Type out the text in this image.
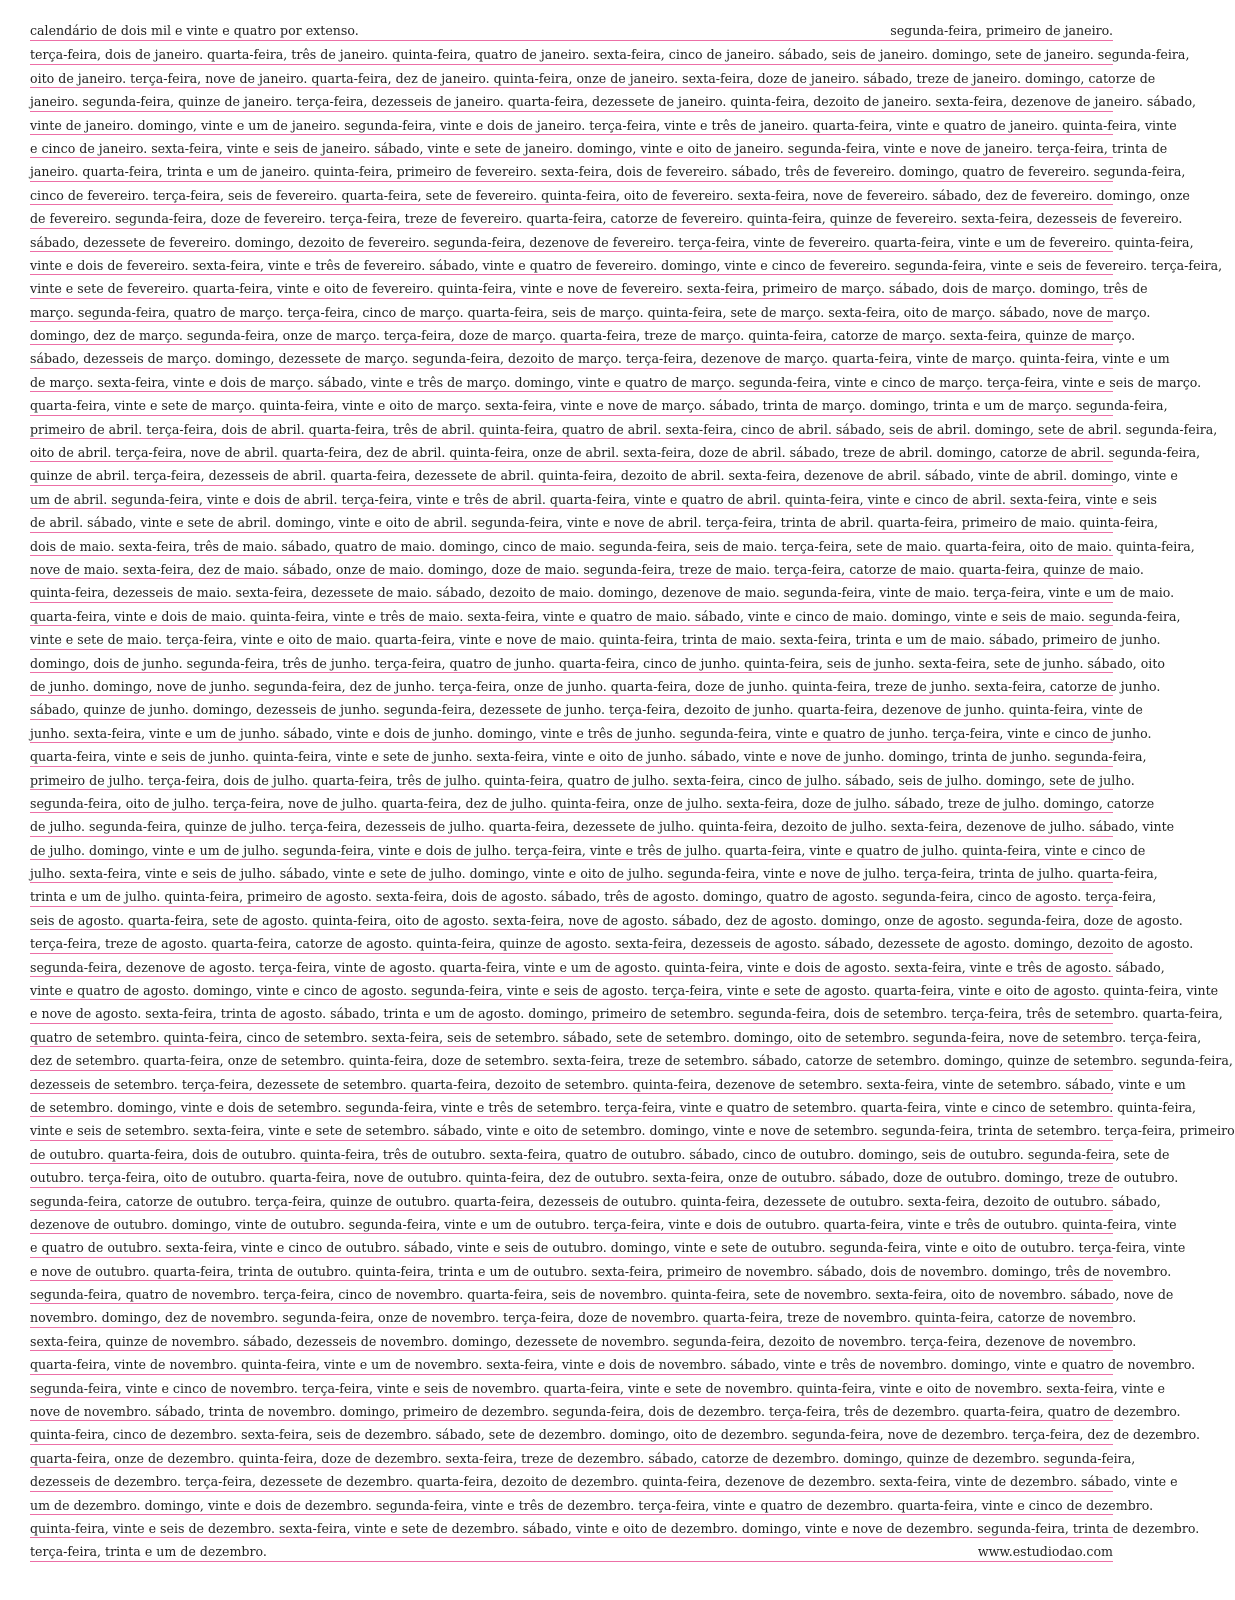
calendário de dois mil e vinte e quatro por extenso.	segunda-feira, primeiro de janeiro.
terça-feira, dois de janeiro. quarta-feira, três de janeiro. quinta-feira, quatro de janeiro. sexta-feira, cinco de janeiro. sábado, seis de janeiro. domingo, sete de janeiro. segunda-feira,
oito de janeiro. terça-feira, nove de janeiro. quarta-feira, dez de janeiro. quinta-feira, onze de janeiro. sexta-feira, doze de janeiro. sábado, treze de janeiro. domingo, catorze de
janeiro. segunda-feira, quinze de janeiro. terça-feira, dezesseis de janeiro. quarta-feira, dezessete de janeiro. quinta-feira, dezoito de janeiro. sexta-feira, dezenove de janeiro. sábado,
vinte de janeiro. domingo, vinte e um de janeiro. segunda-feira, vinte e dois de janeiro. terça-feira, vinte e três de janeiro. quarta-feira, vinte e quatro de janeiro. quinta-feira, vinte
e cinco de janeiro. sexta-feira, vinte e seis de janeiro. sábado, vinte e sete de janeiro. domingo, vinte e oito de janeiro. segunda-feira, vinte e nove de janeiro. terça-feira, trinta de
janeiro. quarta-feira, trinta e um de janeiro. quinta-feira, primeiro de fevereiro. sexta-feira, dois de fevereiro. sábado, três de fevereiro. domingo, quatro de fevereiro. segunda-feira,
cinco de fevereiro. terça-feira, seis de fevereiro. quarta-feira, sete de fevereiro. quinta-feira, oito de fevereiro. sexta-feira, nove de fevereiro. sábado, dez de fevereiro. domingo, onze
de fevereiro. segunda-feira, doze de fevereiro. terça-feira, treze de fevereiro. quarta-feira, catorze de fevereiro. quinta-feira, quinze de fevereiro. sexta-feira, dezesseis de fevereiro.
sábado, dezessete de fevereiro. domingo, dezoito de fevereiro. segunda-feira, dezenove de fevereiro. terça-feira, vinte de fevereiro. quarta-feira, vinte e um de fevereiro. quinta-feira,
vinte e dois de fevereiro. sexta-feira, vinte e três de fevereiro. sábado, vinte e quatro de fevereiro. domingo, vinte e cinco de fevereiro. segunda-feira, vinte e seis de fevereiro. terça-feira,
vinte e sete de fevereiro. quarta-feira, vinte e oito de fevereiro. quinta-feira, vinte e nove de fevereiro. sexta-feira, primeiro de março. sábado, dois de março. domingo, três de
março. segunda-feira, quatro de março. terça-feira, cinco de março. quarta-feira, seis de março. quinta-feira, sete de março. sexta-feira, oito de março. sábado, nove de março.
domingo, dez de março. segunda-feira, onze de março. terça-feira, doze de março. quarta-feira, treze de março. quinta-feira, catorze de março. sexta-feira, quinze de março.
sábado, dezesseis de março. domingo, dezessete de março. segunda-feira, dezoito de março. terça-feira, dezenove de março. quarta-feira, vinte de março. quinta-feira, vinte e um
de março. sexta-feira, vinte e dois de março. sábado, vinte e três de março. domingo, vinte e quatro de março. segunda-feira, vinte e cinco de março. terça-feira, vinte e seis de março.
quarta-feira, vinte e sete de março. quinta-feira, vinte e oito de março. sexta-feira, vinte e nove de março. sábado, trinta de março. domingo, trinta e um de março. segunda-feira,
primeiro de abril. terça-feira, dois de abril. quarta-feira, três de abril. quinta-feira, quatro de abril. sexta-feira, cinco de abril. sábado, seis de abril. domingo, sete de abril. segunda-feira,
oito de abril. terça-feira, nove de abril. quarta-feira, dez de abril. quinta-feira, onze de abril. sexta-feira, doze de abril. sábado, treze de abril. domingo, catorze de abril. segunda-feira,
quinze de abril. terça-feira, dezesseis de abril. quarta-feira, dezessete de abril. quinta-feira, dezoito de abril. sexta-feira, dezenove de abril. sábado, vinte de abril. domingo, vinte e
um de abril. segunda-feira, vinte e dois de abril. terça-feira, vinte e três de abril. quarta-feira, vinte e quatro de abril. quinta-feira, vinte e cinco de abril. sexta-feira, vinte e seis
de abril. sábado, vinte e sete de abril. domingo, vinte e oito de abril. segunda-feira, vinte e nove de abril. terça-feira, trinta de abril. quarta-feira, primeiro de maio. quinta-feira,
dois de maio. sexta-feira, três de maio. sábado, quatro de maio. domingo, cinco de maio. segunda-feira, seis de maio. terça-feira, sete de maio. quarta-feira, oito de maio. quinta-feira,
nove de maio. sexta-feira, dez de maio. sábado, onze de maio. domingo, doze de maio. segunda-feira, treze de maio. terça-feira, catorze de maio. quarta-feira, quinze de maio.
quinta-feira, dezesseis de maio. sexta-feira, dezessete de maio. sábado, dezoito de maio. domingo, dezenove de maio. segunda-feira, vinte de maio. terça-feira, vinte e um de maio.
quarta-feira, vinte e dois de maio. quinta-feira, vinte e três de maio. sexta-feira, vinte e quatro de maio. sábado, vinte e cinco de maio. domingo, vinte e seis de maio. segunda-feira,
vinte e sete de maio. terça-feira, vinte e oito de maio. quarta-feira, vinte e nove de maio. quinta-feira, trinta de maio. sexta-feira, trinta e um de maio. sábado, primeiro de junho.
domingo, dois de junho. segunda-feira, três de junho. terça-feira, quatro de junho. quarta-feira, cinco de junho. quinta-feira, seis de junho. sexta-feira, sete de junho. sábado, oito
de junho. domingo, nove de junho. segunda-feira, dez de junho. terça-feira, onze de junho. quarta-feira, doze de junho. quinta-feira, treze de junho. sexta-feira, catorze de junho.
sábado, quinze de junho. domingo, dezesseis de junho. segunda-feira, dezessete de junho. terça-feira, dezoito de junho. quarta-feira, dezenove de junho. quinta-feira, vinte de
junho. sexta-feira, vinte e um de junho. sábado, vinte e dois de junho. domingo, vinte e três de junho. segunda-feira, vinte e quatro de junho. terça-feira, vinte e cinco de junho.
quarta-feira, vinte e seis de junho. quinta-feira, vinte e sete de junho. sexta-feira, vinte e oito de junho. sábado, vinte e nove de junho. domingo, trinta de junho. segunda-feira,
primeiro de julho. terça-feira, dois de julho. quarta-feira, três de julho. quinta-feira, quatro de julho. sexta-feira, cinco de julho. sábado, seis de julho. domingo, sete de julho.
segunda-feira, oito de julho. terça-feira, nove de julho. quarta-feira, dez de julho. quinta-feira, onze de julho. sexta-feira, doze de julho. sábado, treze de julho. domingo, catorze
de julho. segunda-feira, quinze de julho. terça-feira, dezesseis de julho. quarta-feira, dezessete de julho. quinta-feira, dezoito de julho. sexta-feira, dezenove de julho. sábado, vinte
de julho. domingo, vinte e um de julho. segunda-feira, vinte e dois de julho. terça-feira, vinte e três de julho. quarta-feira, vinte e quatro de julho. quinta-feira, vinte e cinco de
julho. sexta-feira, vinte e seis de julho. sábado, vinte e sete de julho. domingo, vinte e oito de julho. segunda-feira, vinte e nove de julho. terça-feira, trinta de julho. quarta-feira,
trinta e um de julho. quinta-feira, primeiro de agosto. sexta-feira, dois de agosto. sábado, três de agosto. domingo, quatro de agosto. segunda-feira, cinco de agosto. terça-feira,
seis de agosto. quarta-feira, sete de agosto. quinta-feira, oito de agosto. sexta-feira, nove de agosto. sábado, dez de agosto. domingo, onze de agosto. segunda-feira, doze de agosto.
terça-feira, treze de agosto. quarta-feira, catorze de agosto. quinta-feira, quinze de agosto. sexta-feira, dezesseis de agosto. sábado, dezessete de agosto. domingo, dezoito de agosto.
segunda-feira, dezenove de agosto. terça-feira, vinte de agosto. quarta-feira, vinte e um de agosto. quinta-feira, vinte e dois de agosto. sexta-feira, vinte e três de agosto. sábado,
vinte e quatro de agosto. domingo, vinte e cinco de agosto. segunda-feira, vinte e seis de agosto. terça-feira, vinte e sete de agosto. quarta-feira, vinte e oito de agosto. quinta-feira, vinte
e nove de agosto. sexta-feira, trinta de agosto. sábado, trinta e um de agosto. domingo, primeiro de setembro. segunda-feira, dois de setembro. terça-feira, três de setembro. quarta-feira,
quatro de setembro. quinta-feira, cinco de setembro. sexta-feira, seis de setembro. sábado, sete de setembro. domingo, oito de setembro. segunda-feira, nove de setembro. terça-feira,
dez de setembro. quarta-feira, onze de setembro. quinta-feira, doze de setembro. sexta-feira, treze de setembro. sábado, catorze de setembro. domingo, quinze de setembro. segunda-feira,
dezesseis de setembro. terça-feira, dezessete de setembro. quarta-feira, dezoito de setembro. quinta-feira, dezenove de setembro. sexta-feira, vinte de setembro. sábado, vinte e um
de setembro. domingo, vinte e dois de setembro. segunda-feira, vinte e três de setembro. terça-feira, vinte e quatro de setembro. quarta-feira, vinte e cinco de setembro. quinta-feira,
vinte e seis de setembro. sexta-feira, vinte e sete de setembro. sábado, vinte e oito de setembro. domingo, vinte e nove de setembro. segunda-feira, trinta de setembro. terça-feira, primeiro
de outubro. quarta-feira, dois de outubro. quinta-feira, três de outubro. sexta-feira, quatro de outubro. sábado, cinco de outubro. domingo, seis de outubro. segunda-feira, sete de
outubro. terça-feira, oito de outubro. quarta-feira, nove de outubro. quinta-feira, dez de outubro. sexta-feira, onze de outubro. sábado, doze de outubro. domingo, treze de outubro.
segunda-feira, catorze de outubro. terça-feira, quinze de outubro. quarta-feira, dezesseis de outubro. quinta-feira, dezessete de outubro. sexta-feira, dezoito de outubro. sábado,
dezenove de outubro. domingo, vinte de outubro. segunda-feira, vinte e um de outubro. terça-feira, vinte e dois de outubro. quarta-feira, vinte e três de outubro. quinta-feira, vinte
e quatro de outubro. sexta-feira, vinte e cinco de outubro. sábado, vinte e seis de outubro. domingo, vinte e sete de outubro. segunda-feira, vinte e oito de outubro. terça-feira, vinte
e nove de outubro. quarta-feira, trinta de outubro. quinta-feira, trinta e um de outubro. sexta-feira, primeiro de novembro. sábado, dois de novembro. domingo, três de novembro.
segunda-feira, quatro de novembro. terça-feira, cinco de novembro. quarta-feira, seis de novembro. quinta-feira, sete de novembro. sexta-feira, oito de novembro. sábado, nove de
novembro. domingo, dez de novembro. segunda-feira, onze de novembro. terça-feira, doze de novembro. quarta-feira, treze de novembro. quinta-feira, catorze de novembro.
sexta-feira, quinze de novembro. sábado, dezesseis de novembro. domingo, dezessete de novembro. segunda-feira, dezoito de novembro. terça-feira, dezenove de novembro.
quarta-feira, vinte de novembro. quinta-feira, vinte e um de novembro. sexta-feira, vinte e dois de novembro. sábado, vinte e três de novembro. domingo, vinte e quatro de novembro.
segunda-feira, vinte e cinco de novembro. terça-feira, vinte e seis de novembro. quarta-feira, vinte e sete de novembro. quinta-feira, vinte e oito de novembro. sexta-feira, vinte e
nove de novembro. sábado, trinta de novembro. domingo, primeiro de dezembro. segunda-feira, dois de dezembro. terça-feira, três de dezembro. quarta-feira, quatro de dezembro.
quinta-feira, cinco de dezembro. sexta-feira, seis de dezembro. sábado, sete de dezembro. domingo, oito de dezembro. segunda-feira, nove de dezembro. terça-feira, dez de dezembro.
quarta-feira, onze de dezembro. quinta-feira, doze de dezembro. sexta-feira, treze de dezembro. sábado, catorze de dezembro. domingo, quinze de dezembro. segunda-feira,
dezesseis de dezembro. terça-feira, dezessete de dezembro. quarta-feira, dezoito de dezembro. quinta-feira, dezenove de dezembro. sexta-feira, vinte de dezembro. sábado, vinte e
um de dezembro. domingo, vinte e dois de dezembro. segunda-feira, vinte e três de dezembro. terça-feira, vinte e quatro de dezembro. quarta-feira, vinte e cinco de dezembro.
quinta-feira, vinte e seis de dezembro. sexta-feira, vinte e sete de dezembro. sábado, vinte e oito de dezembro. domingo, vinte e nove de dezembro. segunda-feira, trinta de dezembro.
terça-feira, trinta e um de dezembro.	www.estudiodao.com
